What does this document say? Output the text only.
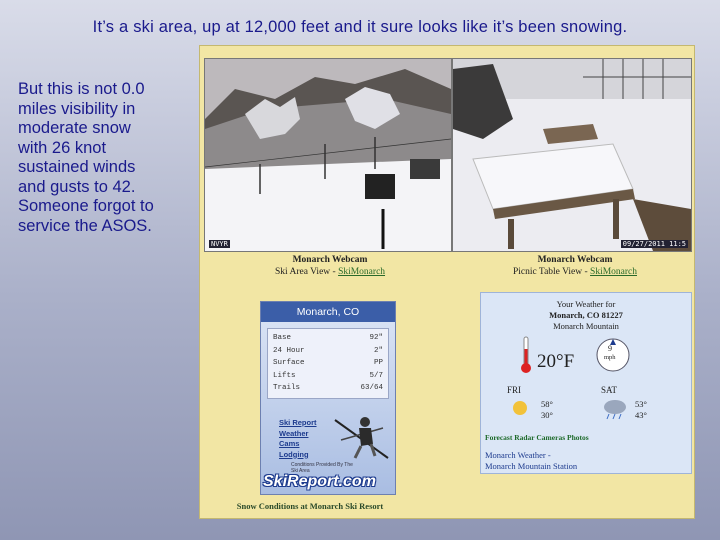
It’s a ski area, up at 12,000 feet and it sure looks like it’s been snowing.
But this is not 0.0
miles visibility in
moderate snow
with 26 knot
sustained winds
and gusts to 42.
Someone forgot to
service the ASOS.
NVYR	09/27/2011 11:5
Monarch Webcam
Ski Area View - SkiMonarch
Monarch Webcam
Picnic Table View - SkiMonarch
Monarch, CO
Base	92"
24 Hour	2"
Surface	PP
Lifts	5/7
Trails	63/64
Ski Report
Weather
Cams
Lodging
Conditions Provided By The
Ski Area
SkiReport.com
Snow Conditions at Monarch Ski Resort
Your Weather for
Monarch, CO 81227
Monarch Mountain
20°F
9
mph
FRI
58°
30°
SAT
53°
43°
Forecast Radar Cameras Photos
Monarch Weather -
Monarch Mountain Station
